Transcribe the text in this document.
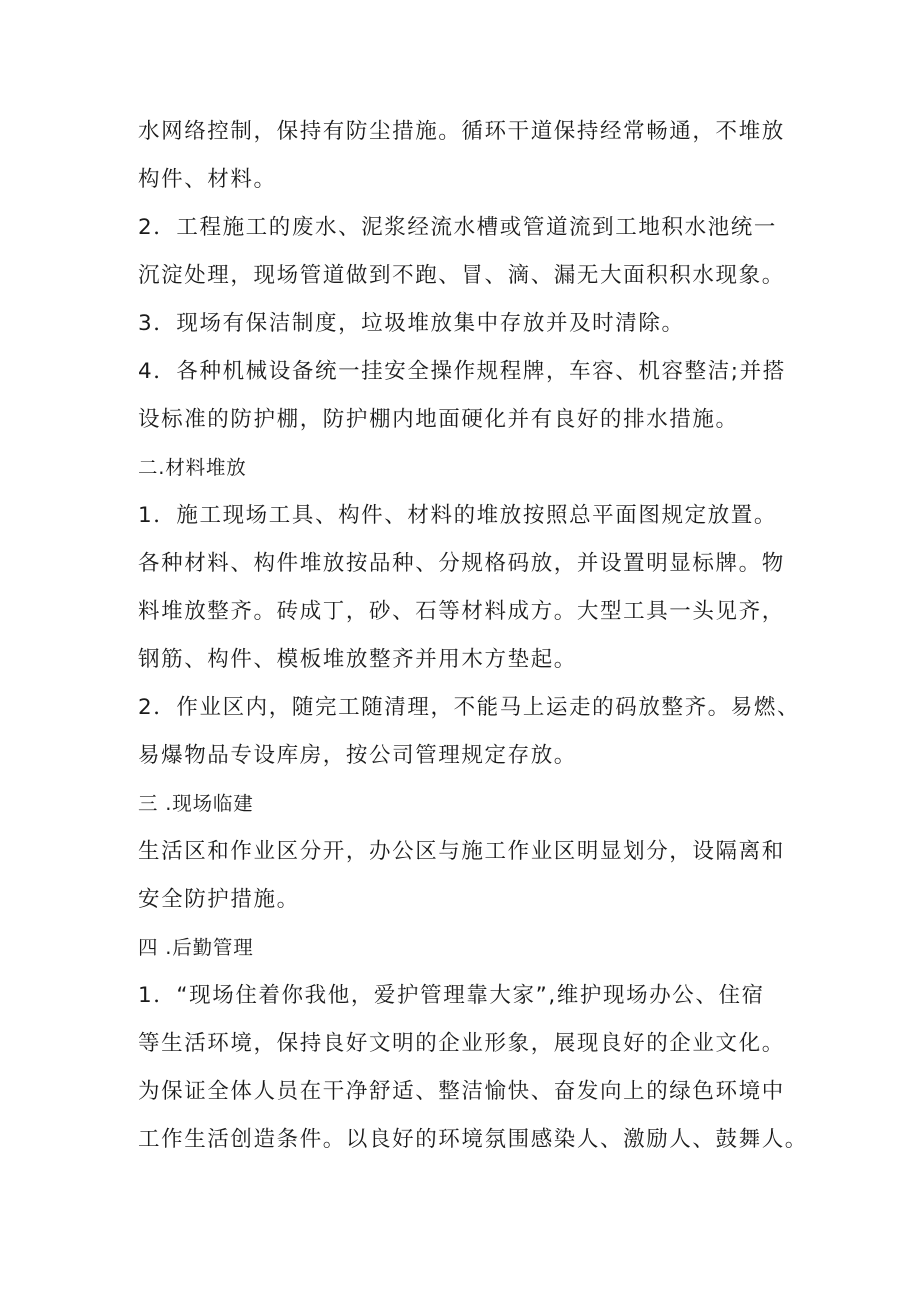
水网络控制，保持有防尘措施。循环干道保持经常畅通，不堆放
构件、材料。
2．工程施工的废水、泥浆经流水槽或管道流到工地积水池统一
沉淀处理，现场管道做到不跑、冒、滴、漏无大面积积水现象。
3．现场有保洁制度，垃圾堆放集中存放并及时清除。
4．各种机械设备统一挂安全操作规程牌，车容、机容整洁;并搭
设标准的防护棚，防护棚内地面硬化并有良好的排水措施。
二.材料堆放
1．施工现场工具、构件、材料的堆放按照总平面图规定放置。
各种材料、构件堆放按品种、分规格码放，并设置明显标牌。物
料堆放整齐。砖成丁，砂、石等材料成方。大型工具一头见齐，
钢筋、构件、模板堆放整齐并用木方垫起。
2．作业区内，随完工随清理，不能马上运走的码放整齐。易燃、
易爆物品专设库房，按公司管理规定存放。
三 .现场临建
生活区和作业区分开，办公区与施工作业区明显划分，设隔离和
安全防护措施。
四 .后勤管理
1．“现场住着你我他，爱护管理靠大家”,维护现场办公、住宿
等生活环境，保持良好文明的企业形象，展现良好的企业文化。
为保证全体人员在干净舒适、整洁愉快、奋发向上的绿色环境中
工作生活创造条件。以良好的环境氛围感染人、激励人、鼓舞人。
